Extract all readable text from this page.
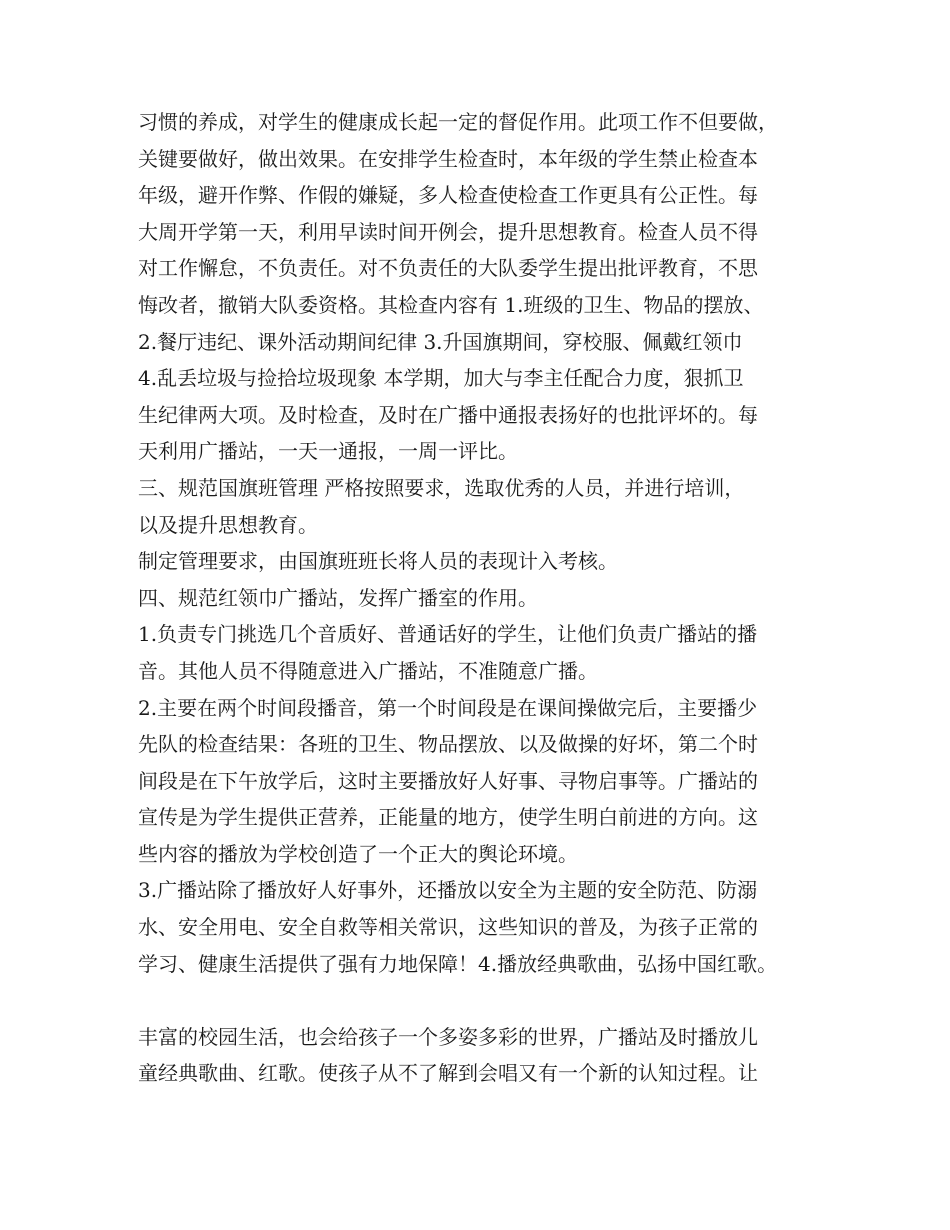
习惯的养成，对学生的健康成长起一定的督促作用。此项工作不但要做，
关键要做好，做出效果。在安排学生检查时，本年级的学生禁止检查本
年级，避开作弊、作假的嫌疑，多人检查使检查工作更具有公正性。每
大周开学第一天，利用早读时间开例会，提升思想教育。检查人员不得
对工作懈怠，不负责任。对不负责任的大队委学生提出批评教育，不思
悔改者，撤销大队委资格。其检查内容有 1.班级的卫生、物品的摆放、
2.餐厅违纪、课外活动期间纪律 3.升国旗期间，穿校服、佩戴红领巾
4.乱丢垃圾与捡拾垃圾现象 本学期，加大与李主任配合力度，狠抓卫
生纪律两大项。及时检查，及时在广播中通报表扬好的也批评坏的。每
天利用广播站，一天一通报，一周一评比。
三、规范国旗班管理 严格按照要求，选取优秀的人员，并进行培训，
以及提升思想教育。
制定管理要求，由国旗班班长将人员的表现计入考核。
四、规范红领巾广播站，发挥广播室的作用。
1.负责专门挑选几个音质好、普通话好的学生，让他们负责广播站的播
音。其他人员不得随意进入广播站，不准随意广播。
2.主要在两个时间段播音，第一个时间段是在课间操做完后，主要播少
先队的检查结果：各班的卫生、物品摆放、以及做操的好坏，第二个时
间段是在下午放学后，这时主要播放好人好事、寻物启事等。广播站的
宣传是为学生提供正营养，正能量的地方，使学生明白前进的方向。这
些内容的播放为学校创造了一个正大的舆论环境。
3.广播站除了播放好人好事外，还播放以安全为主题的安全防范、防溺
水、安全用电、安全自救等相关常识，这些知识的普及，为孩子正常的
学习、健康生活提供了强有力地保障！4.播放经典歌曲，弘扬中国红歌。
丰富的校园生活，也会给孩子一个多姿多彩的世界，广播站及时播放儿
童经典歌曲、红歌。使孩子从不了解到会唱又有一个新的认知过程。让
